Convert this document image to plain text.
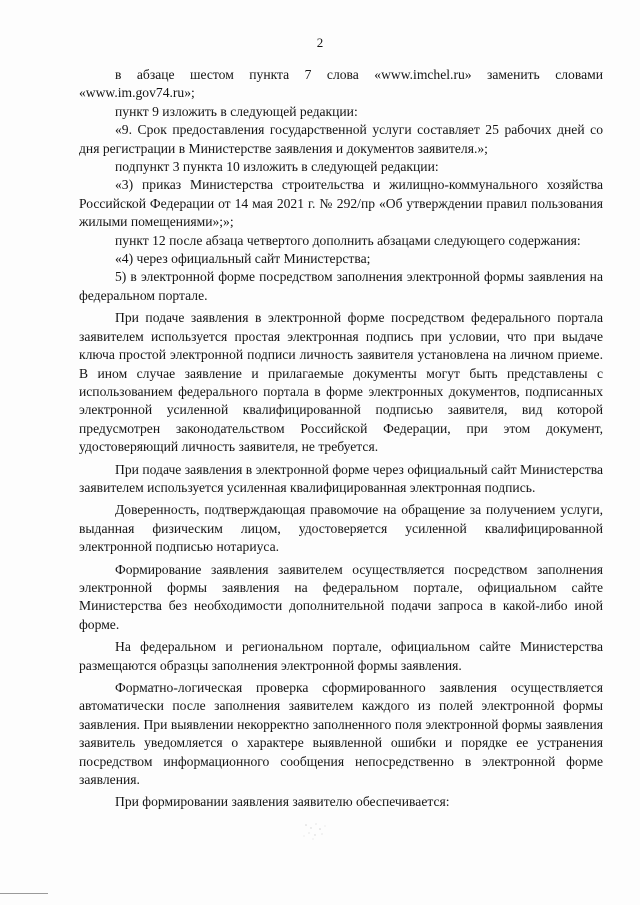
2

в абзаце шестом пункта 7 слова «www.imchel.ru» заменить словами «www.im.gov74.ru»;

пункт 9 изложить в следующей редакции:

«9. Срок предоставления государственной услуги составляет 25 рабочих дней со дня регистрации в Министерстве заявления и документов заявителя.»;

подпункт 3 пункта 10 изложить в следующей редакции:

«3) приказ Министерства строительства и жилищно-коммунального хозяйства Российской Федерации от 14 мая 2021 г. № 292/пр «Об утверждении правил пользования жилыми помещениями»;»;

пункт 12 после абзаца четвертого дополнить абзацами следующего содержания:

«4) через официальный сайт Министерства;

5) в электронной форме посредством заполнения электронной формы заявления на федеральном портале.

При подаче заявления в электронной форме посредством федерального портала заявителем используется простая электронная подпись при условии, что при выдаче ключа простой электронной подписи личность заявителя установлена на личном приеме. В ином случае заявление и прилагаемые документы могут быть представлены с использованием федерального портала в форме электронных документов, подписанных электронной усиленной квалифицированной подписью заявителя, вид которой предусмотрен законодательством Российской Федерации, при этом документ, удостоверяющий личность заявителя, не требуется.

При подаче заявления в электронной форме через официальный сайт Министерства заявителем используется усиленная квалифицированная электронная подпись.

Доверенность, подтверждающая правомочие на обращение за получением услуги, выданная физическим лицом, удостоверяется усиленной квалифицированной электронной подписью нотариуса.

Формирование заявления заявителем осуществляется посредством заполнения электронной формы заявления на федеральном портале, официальном сайте Министерства без необходимости дополнительной подачи запроса в какой-либо иной форме.

На федеральном и региональном портале, официальном сайте Министерства размещаются образцы заполнения электронной формы заявления.

Форматно-логическая проверка сформированного заявления осуществляется автоматически после заполнения заявителем каждого из полей электронной формы заявления. При выявлении некорректно заполненного поля электронной формы заявления заявитель уведомляется о характере выявленной ошибки и порядке ее устранения посредством информационного сообщения непосредственно в электронной форме заявления.

При формировании заявления заявителю обеспечивается:
